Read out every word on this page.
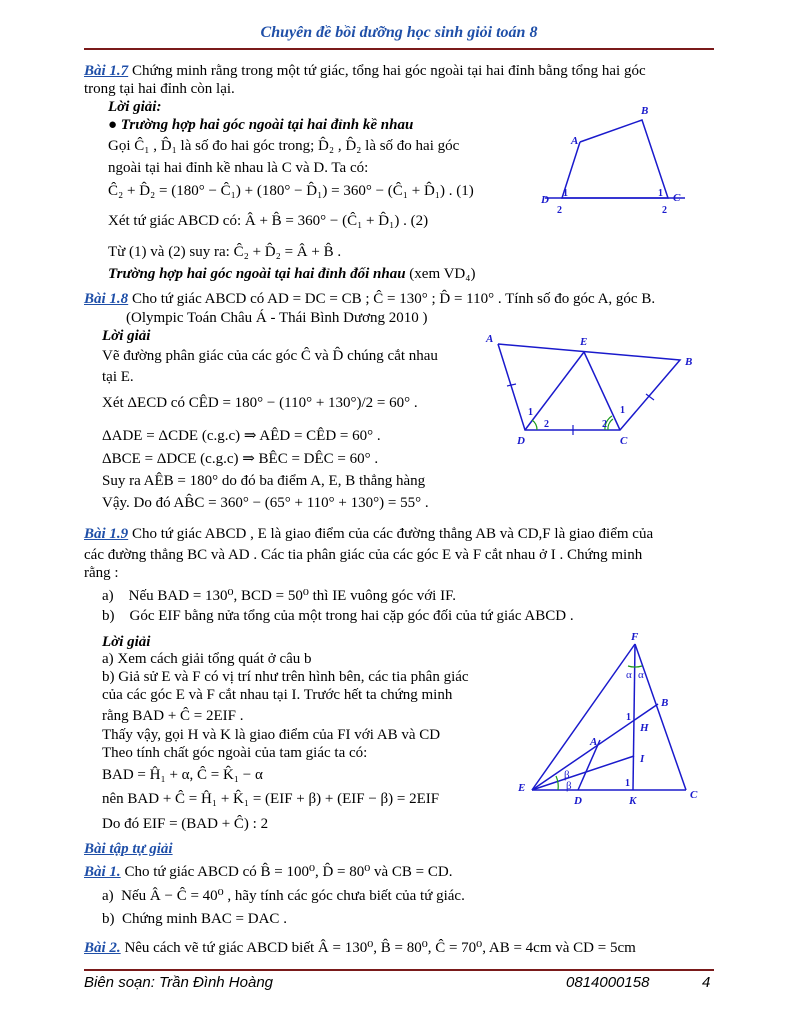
Chuyên đề bồi dưỡng học sinh giỏi toán 8
Bài 1.7 Chứng minh rằng trong một tứ giác, tổng hai góc ngoài tại hai đỉnh bằng tổng hai góc
trong tại hai đỉnh còn lại.
Lời giải:
● Trường hợp hai góc ngoài tại hai đỉnh kề nhau
Gọi Ĉ₁ , D̂₁ là số đo hai góc trong; D̂₂ , D̂₂ là số đo hai góc
ngoài tại hai đỉnh kề nhau là C và D. Ta có:
Ĉ₂ + D̂₂ = (180° − Ĉ₁) + (180° − D̂₁) = 360° − (Ĉ₁ + D̂₁) . (1)
Xét tứ giác ABCD có: Â + B̂ = 360° − (Ĉ₁ + D̂₁) . (2)
Từ (1) và (2) suy ra: Ĉ₂ + D̂₂ = Â + B̂ .
Trường hợp hai góc ngoài tại hai đỉnh đối nhau (xem VD₄)
A
B
D	C
1
2
1
2
Bài 1.8 Cho tứ giác ABCD có AD = DC = CB ; Ĉ = 130° ; D̂ = 110° . Tính số đo góc A, góc B.
(Olympic Toán Châu Á - Thái Bình Dương 2010 )
Lời giải
Vẽ đường phân giác của các góc Ĉ và D̂ chúng cắt nhau
tại E.
Xét ΔECD có CÊD = 180° − (110° + 130°)/2 = 60° .
ΔADE = ΔCDE (c.g.c) ⇒ AÊD = CÊD = 60° .
ΔBCE = ΔDCE (c.g.c) ⇒ BÊC = DÊC = 60° .
Suy ra AÊB = 180° do đó ba điểm A, E, B thẳng hàng
Vậy. Do đó AB̂C = 360° − (65° + 110° + 130°) = 55° .
A	E
B
D	C
1
2
1
2
Bài 1.9 Cho tứ giác ABCD , E là giao điểm của các đường thẳng AB và CD,F là giao điểm của
các đường thẳng BC và AD . Các tia phân giác của các góc E và F cắt nhau ở I . Chứng minh
rằng :
a) Nếu BAD = 130⁰, BCD = 50⁰ thì IE vuông góc với IF.
b) Góc EIF bằng nửa tổng của một trong hai cặp góc đối của tứ giác ABCD .
Lời giải
a) Xem cách giải tổng quát ở câu b
b) Giả sử E và F có vị trí như trên hình bên, các tia phân giác
của các góc E và F cắt nhau tại I. Trước hết ta chứng minh
rằng BAD + Ĉ = 2EIF .
Thấy vậy, gọi H và K là giao điểm của FI với AB và CD
Theo tính chất góc ngoài của tam giác ta có:
BAD = Ĥ₁ + α, Ĉ = K̂₁ − α
nên BAD + Ĉ = Ĥ₁ + K̂₁ = (EIF + β) + (EIF − β) = 2EIF
Do đó EIF = (BAD + Ĉ) : 2
F
α α
B
1
H
A
I
β
β	1
E
D	K	C
Bài tập tự giải
Bài 1. Cho tứ giác ABCD có B̂ = 100⁰, D̂ = 80⁰ và CB = CD.
a) Nếu Â − Ĉ = 40⁰ , hãy tính các góc chưa biết của tứ giác.
b) Chứng minh BAC = DAC .
Bài 2. Nêu cách vẽ tứ giác ABCD biết Â = 130⁰, B̂ = 80⁰, Ĉ = 70⁰, AB = 4cm và CD = 5cm
Biên soạn: Trần Đình Hoàng	0814000158	4
